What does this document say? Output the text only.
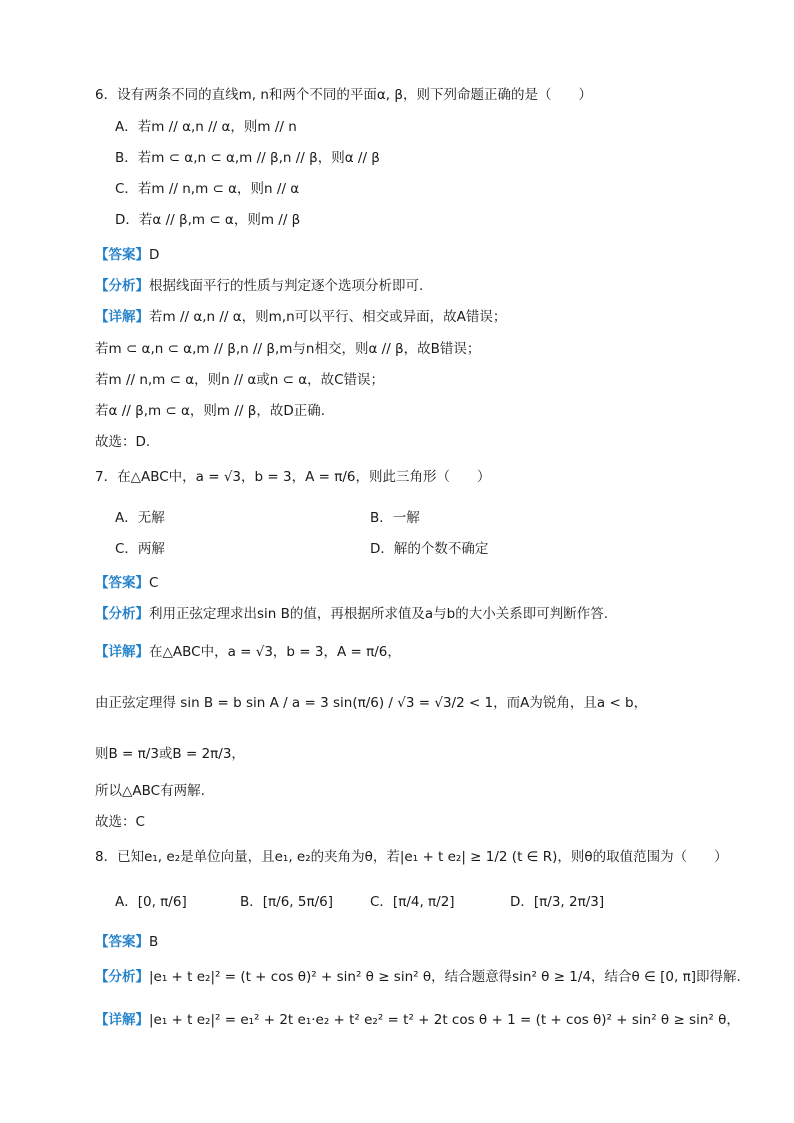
6．设有两条不同的直线m, n和两个不同的平面α, β，则下列命题正确的是（　　）
A．若m // α,n // α，则m // n
B．若m ⊂ α,n ⊂ α,m // β,n // β，则α // β
C．若m // n,m ⊂ α，则n // α
D．若α // β,m ⊂ α，则m // β
【答案】D
【分析】根据线面平行的性质与判定逐个选项分析即可.
【详解】若m // α,n // α，则m,n可以平行、相交或异面，故A错误；
若m ⊂ α,n ⊂ α,m // β,n // β,m与n相交，则α // β，故B错误；
若m // n,m ⊂ α，则n // α或n ⊂ α，故C错误；
若α // β,m ⊂ α，则m // β，故D正确.
故选：D.
7．在△ABC中，a = √3，b = 3，A = π/6，则此三角形（　　）
A．无解	B．一解
C．两解	D．解的个数不确定
【答案】C
【分析】利用正弦定理求出sin B的值，再根据所求值及a与b的大小关系即可判断作答.
【详解】在△ABC中，a = √3，b = 3，A = π/6，
由正弦定理得 sin B = b sin A / a = 3 sin(π/6) / √3 = √3/2 < 1，而A为锐角，且a < b，
则B = π/3或B = 2π/3，
所以△ABC有两解.
故选：C
8．已知e₁, e₂是单位向量，且e₁, e₂的夹角为θ，若|e₁ + t e₂| ≥ 1/2 (t ∈ R)，则θ的取值范围为（　　）
A．[0, π/6]	B．[π/6, 5π/6]	C．[π/4, π/2]	D．[π/3, 2π/3]
【答案】B
【分析】|e₁ + t e₂|² = (t + cos θ)² + sin² θ ≥ sin² θ，结合题意得sin² θ ≥ 1/4，结合θ ∈ [0, π]即得解.
【详解】|e₁ + t e₂|² = e₁² + 2t e₁·e₂ + t² e₂² = t² + 2t cos θ + 1 = (t + cos θ)² + sin² θ ≥ sin² θ，
